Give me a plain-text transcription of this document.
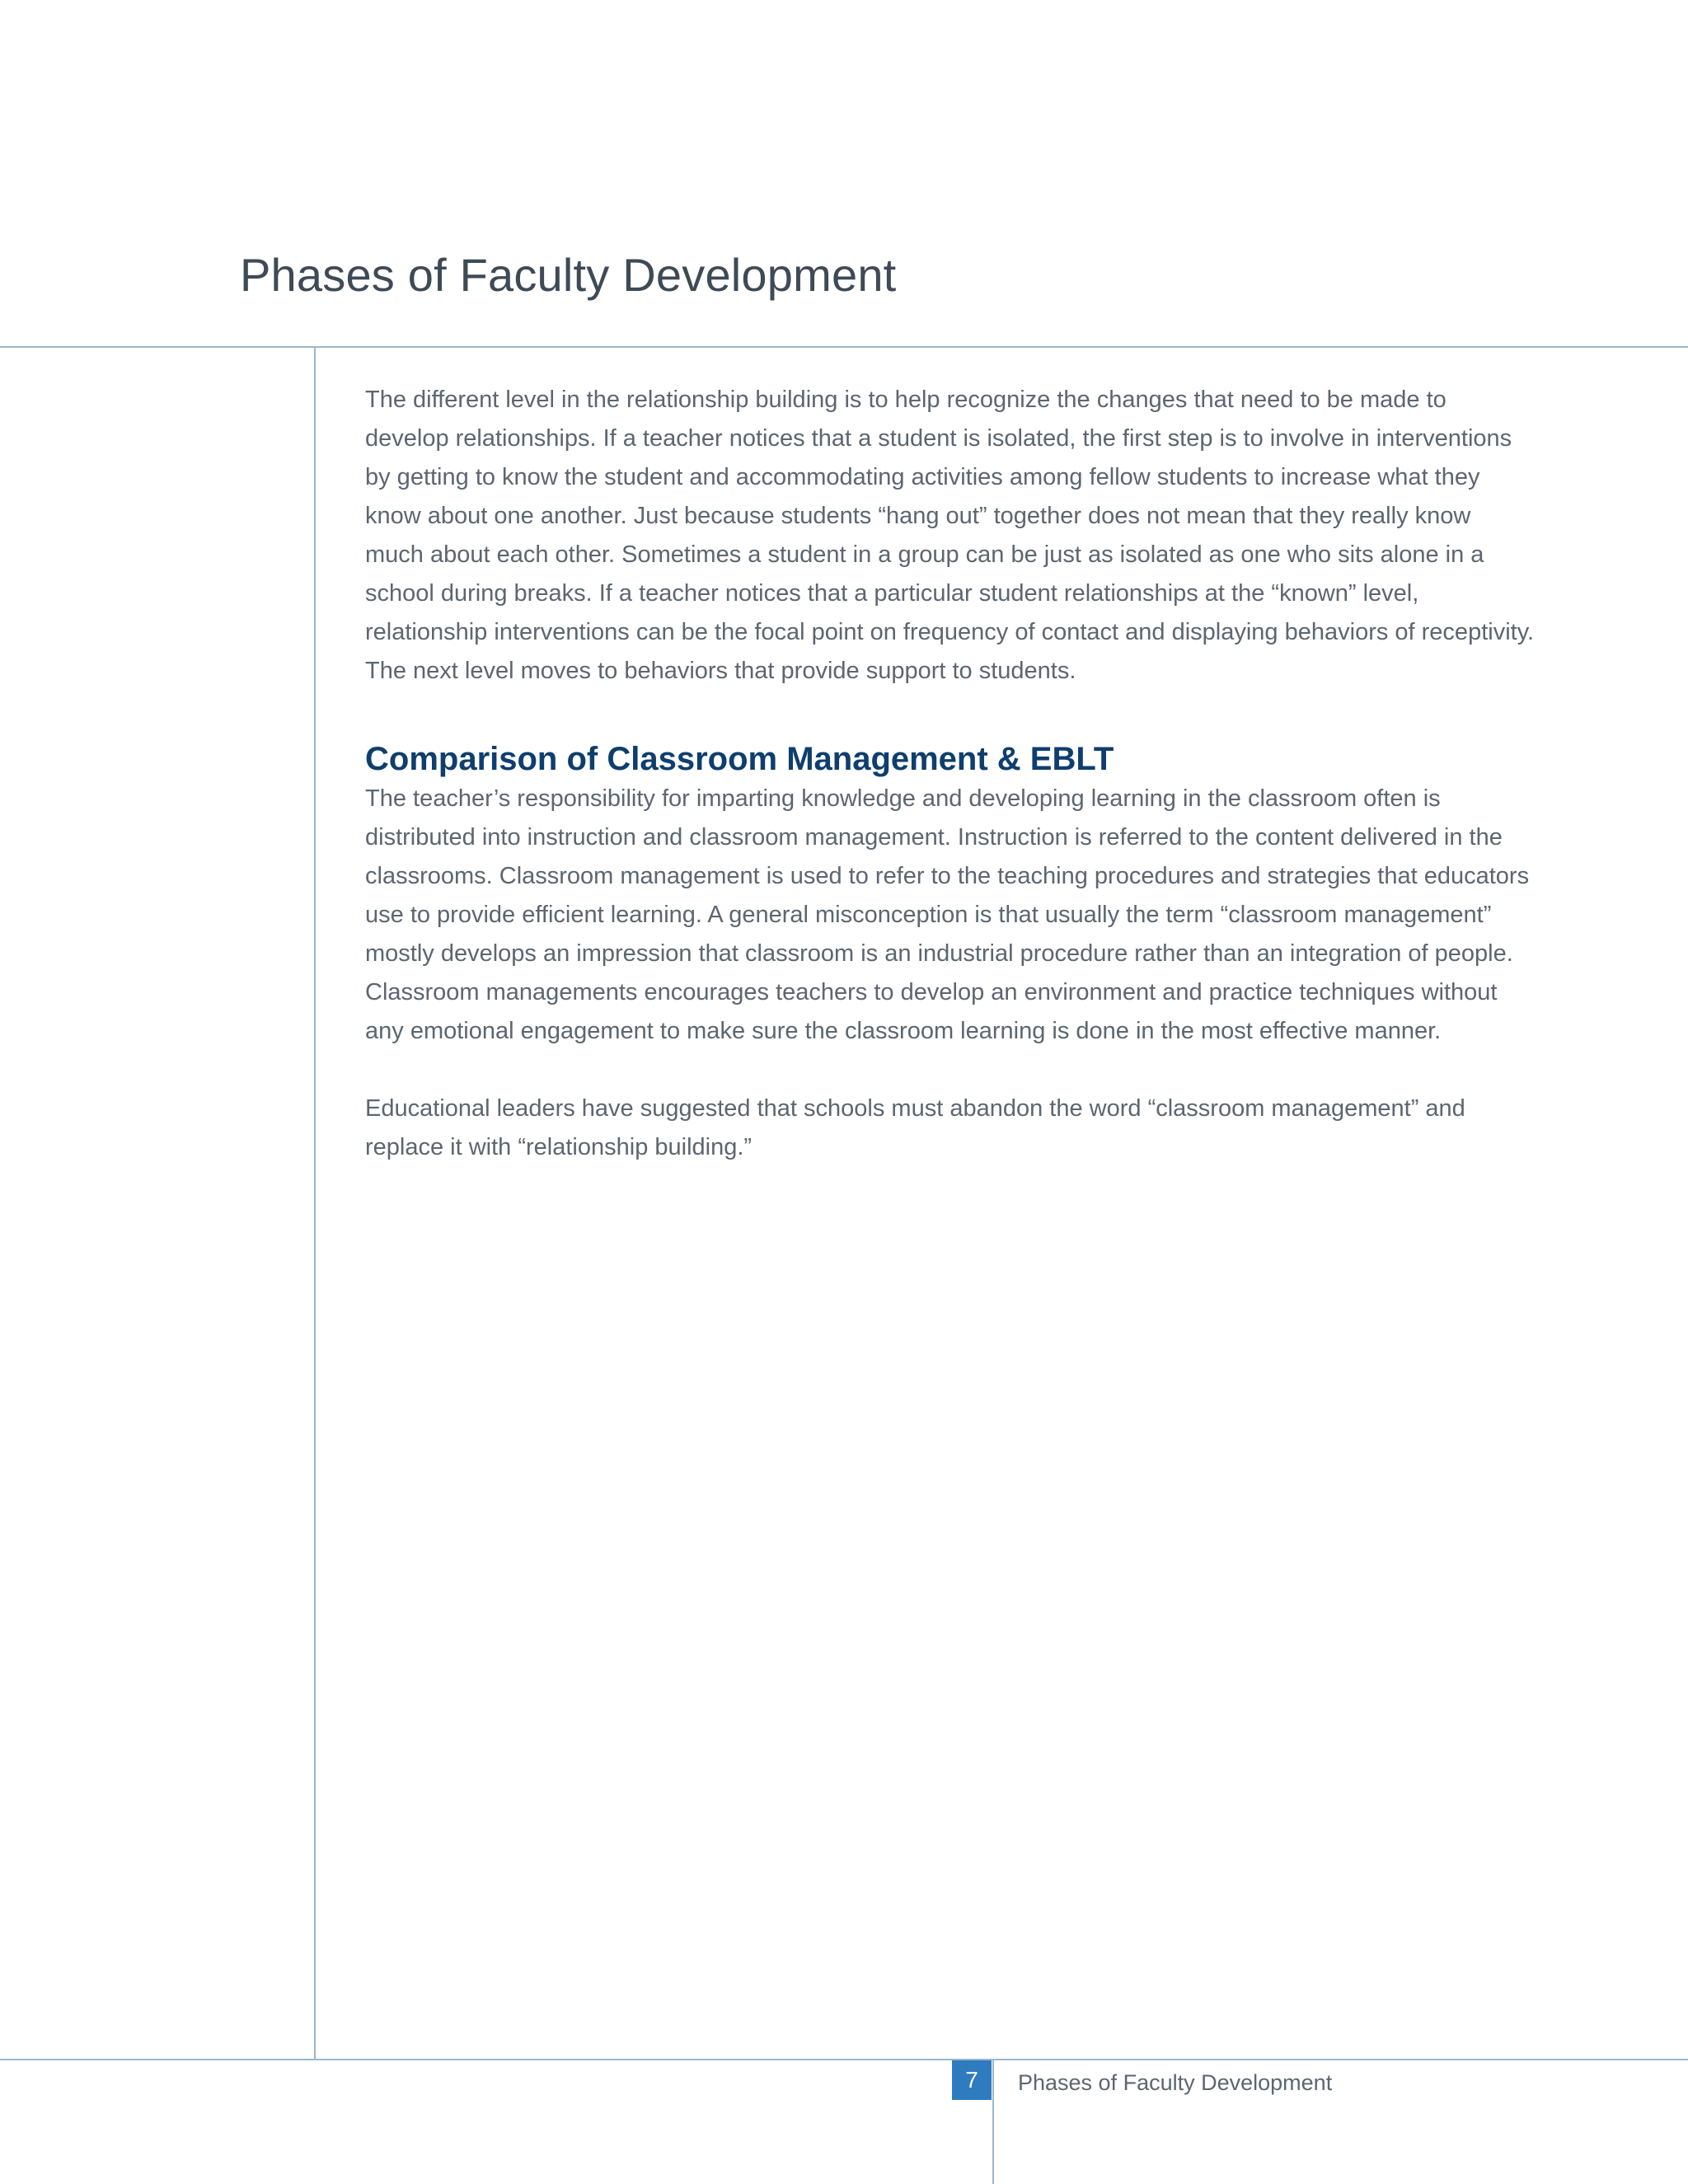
Phases of Faculty Development

The different level in the relationship building is to help recognize the changes that need to be made to develop relationships. If a teacher notices that a student is isolated, the first step is to involve in interventions by getting to know the student and accommodating activities among fellow students to increase what they know about one another. Just because students “hang out” together does not mean that they really know much about each other. Sometimes a student in a group can be just as isolated as one who sits alone in a school during breaks. If a teacher notices that a particular student relationships at the “known” level, relationship interventions can be the focal point on frequency of contact and displaying behaviors of receptivity. The next level moves to behaviors that provide support to students.

Comparison of Classroom Management & EBLT

The teacher’s responsibility for imparting knowledge and developing learning in the classroom often is distributed into instruction and classroom management. Instruction is referred to the content delivered in the classrooms. Classroom management is used to refer to the teaching procedures and strategies that educators use to provide efficient learning. A general misconception is that usually the term “classroom management” mostly develops an impression that classroom is an industrial procedure rather than an integration of people. Classroom managements encourages teachers to develop an environment and practice techniques without any emotional engagement to make sure the classroom learning is done in the most effective manner.

Educational leaders have suggested that schools must abandon the word “classroom management” and replace it with “relationship building.”

7	Phases of Faculty Development
